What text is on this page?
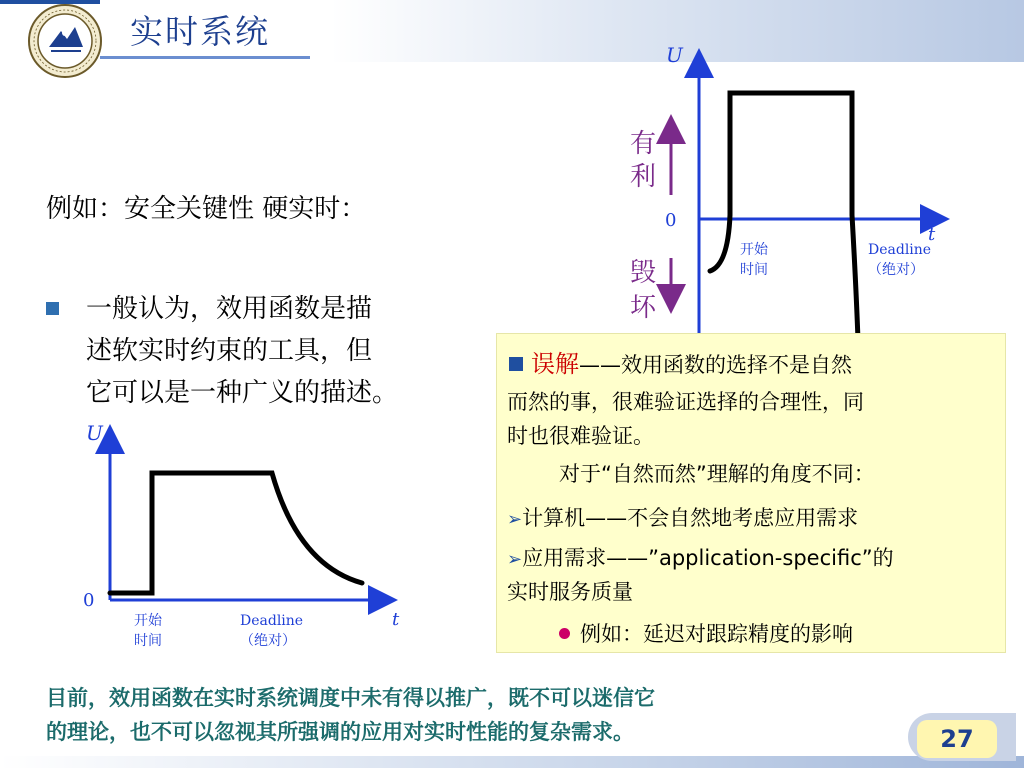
实时系统
例如：安全关键性 硬实时：
一般认为，效用函数是描
述软实时约束的工具，但
它可以是一种广义的描述。
U
t
0
有
利
毁
坏
开始
时间
Deadline
（绝对）
U
t
0
开始
时间
Deadline
（绝对）
误解——效用函数的选择不是自然
而然的事，很难验证选择的合理性，同
时也很难验证。
对于“自然而然”理解的角度不同：
➢计算机——不会自然地考虑应用需求
➢应用需求——”application-specific”的
实时服务质量
例如：延迟对跟踪精度的影响
目前，效用函数在实时系统调度中未有得以推广，既不可以迷信它
的理论，也不可以忽视其所强调的应用对实时性能的复杂需求。	27
